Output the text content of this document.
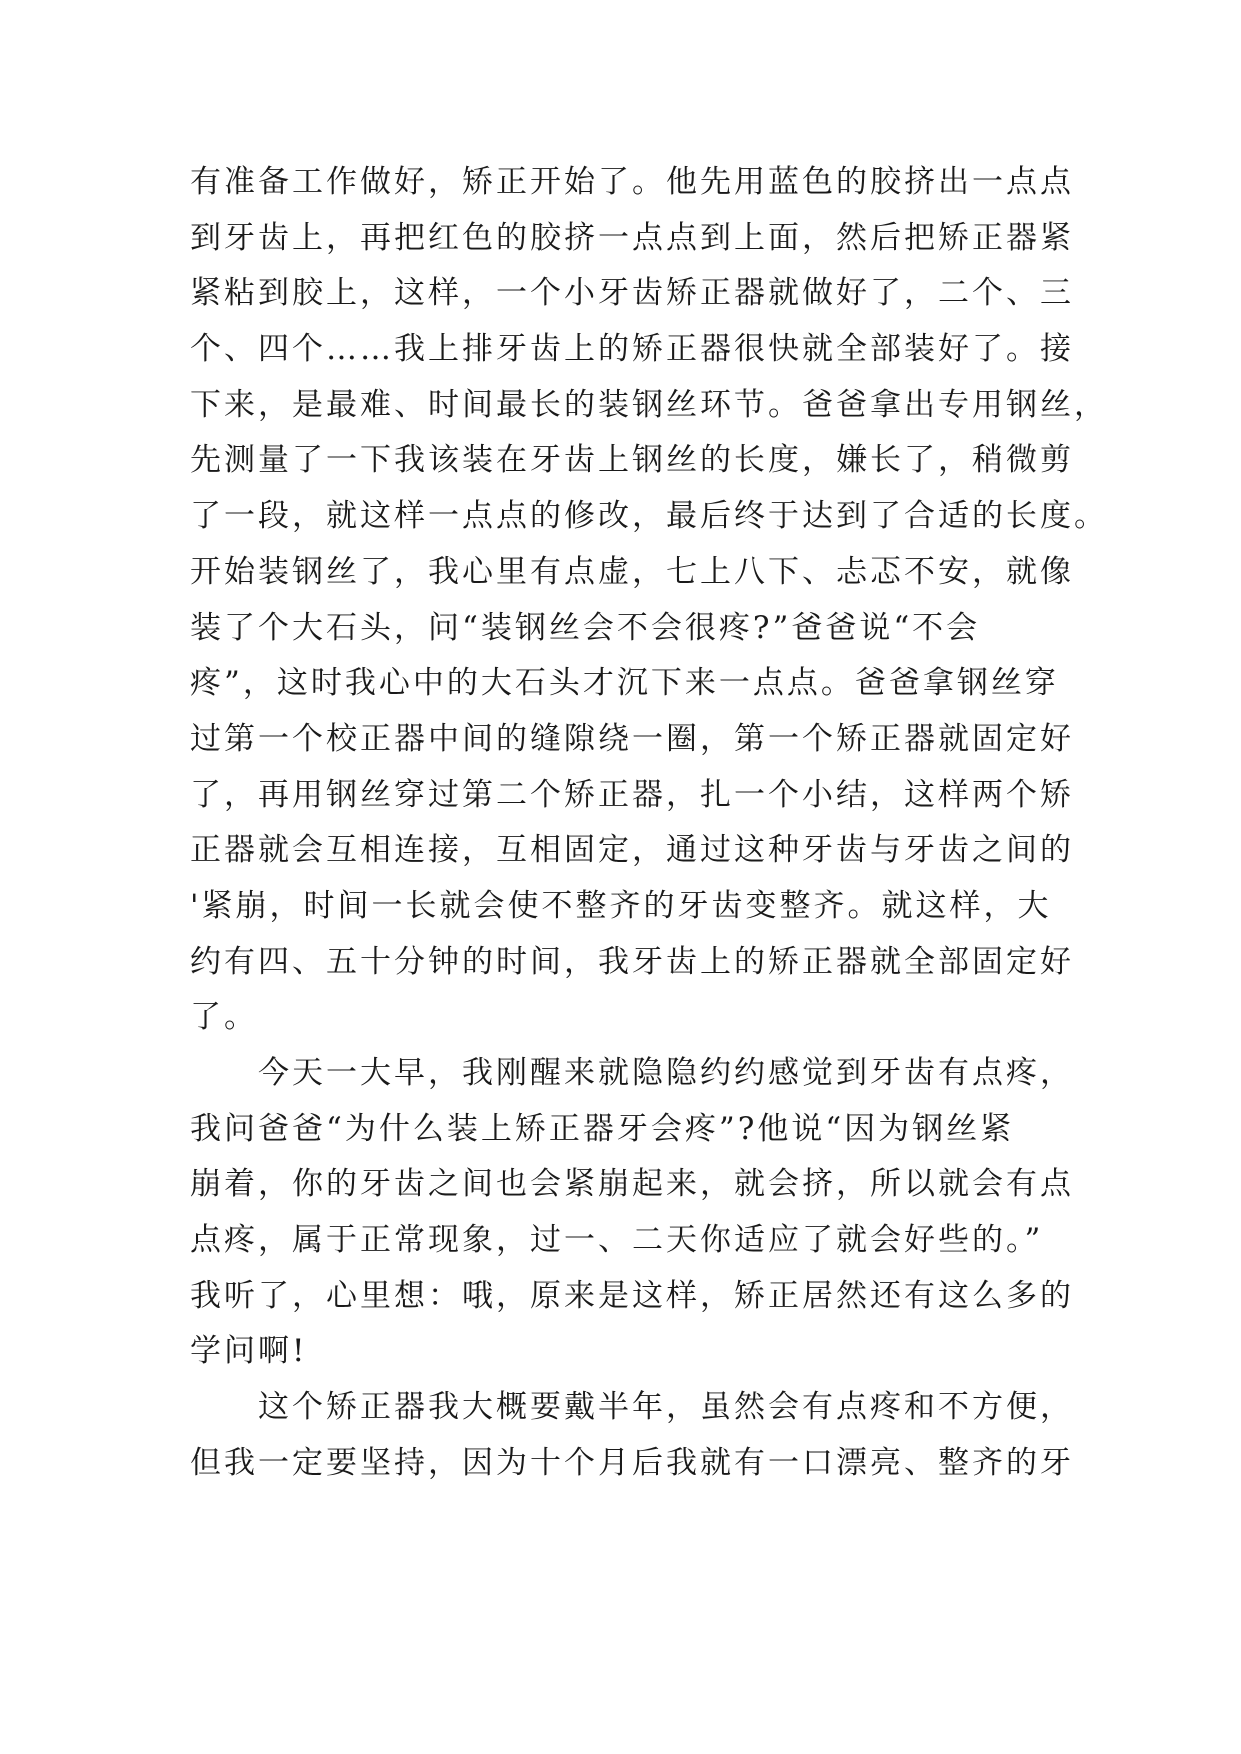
有准备工作做好，矫正开始了。他先用蓝色的胶挤出一点点
到牙齿上，再把红色的胶挤一点点到上面，然后把矫正器紧
紧粘到胶上，这样，一个小牙齿矫正器就做好了，二个、三
个、四个……我上排牙齿上的矫正器很快就全部装好了。接
下来，是最难、时间最长的装钢丝环节。爸爸拿出专用钢丝，
先测量了一下我该装在牙齿上钢丝的长度，嫌长了，稍微剪
了一段，就这样一点点的修改，最后终于达到了合适的长度。
开始装钢丝了，我心里有点虚，七上八下、忐忑不安，就像
装了个大石头，问“装钢丝会不会很疼?”爸爸说“不会
疼”，这时我心中的大石头才沉下来一点点。爸爸拿钢丝穿
过第一个校正器中间的缝隙绕一圈，第一个矫正器就固定好
了，再用钢丝穿过第二个矫正器，扎一个小结，这样两个矫
正器就会互相连接，互相固定，通过这种牙齿与牙齿之间的
'紧崩，时间一长就会使不整齐的牙齿变整齐。就这样，大
约有四、五十分钟的时间，我牙齿上的矫正器就全部固定好
了。
今天一大早，我刚醒来就隐隐约约感觉到牙齿有点疼，
我问爸爸“为什么装上矫正器牙会疼”?他说“因为钢丝紧
崩着，你的牙齿之间也会紧崩起来，就会挤，所以就会有点
点疼，属于正常现象，过一、二天你适应了就会好些的。”
我听了，心里想：哦，原来是这样，矫正居然还有这么多的
学问啊!
这个矫正器我大概要戴半年，虽然会有点疼和不方便，
但我一定要坚持，因为十个月后我就有一口漂亮、整齐的牙
